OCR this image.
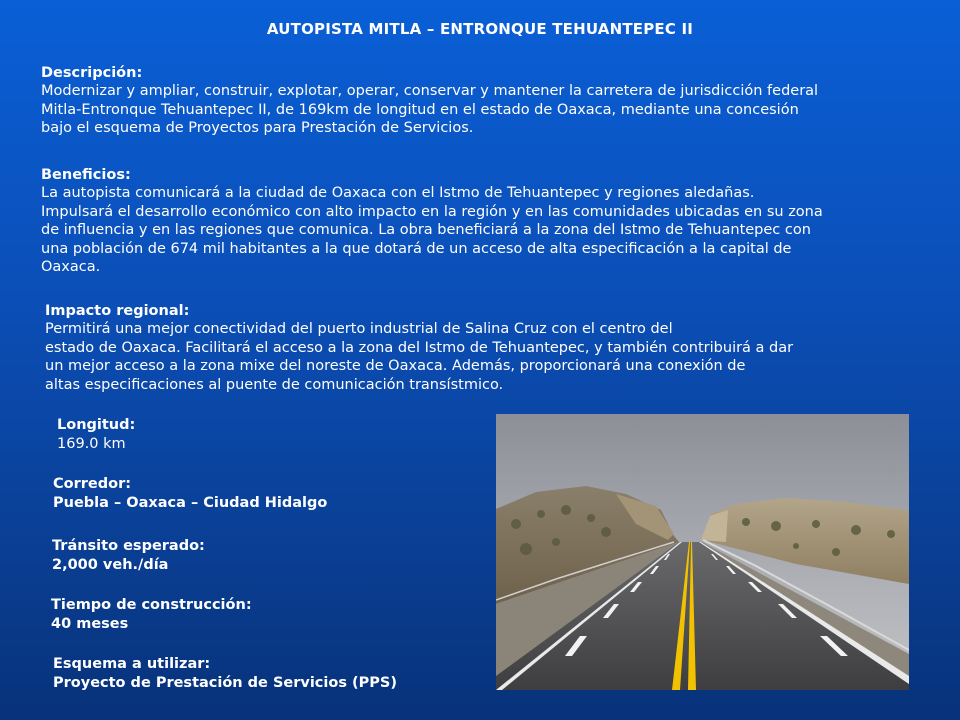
AUTOPISTA MITLA – ENTRONQUE TEHUANTEPEC II
Descripción:
Modernizar y ampliar, construir, explotar, operar, conservar y mantener la carretera de jurisdicción federal
Mitla-Entronque Tehuantepec II, de 169km de longitud en el estado de Oaxaca, mediante una concesión
bajo el esquema de Proyectos para Prestación de Servicios.
Beneficios:
La autopista comunicará a la ciudad de Oaxaca con el Istmo de Tehuantepec y regiones aledañas.
Impulsará el desarrollo económico con alto impacto en la región y en las comunidades ubicadas en su zona
de influencia y en las regiones que comunica. La obra beneficiará a la zona del Istmo de Tehuantepec con
una población de 674 mil habitantes a la que dotará de un acceso de alta especificación a la capital de
Oaxaca.
Impacto regional:
Permitirá una mejor conectividad del puerto industrial de Salina Cruz con el centro del
estado de Oaxaca. Facilitará el acceso a la zona del Istmo de Tehuantepec, y también contribuirá a dar
un mejor acceso a la zona mixe del noreste de Oaxaca. Además, proporcionará una conexión de
altas especificaciones al puente de comunicación transístmico.
Longitud:
169.0 km
Corredor:
Puebla – Oaxaca – Ciudad Hidalgo
Tránsito esperado:
2,000 veh./día
Tiempo de construcción:
40 meses
Esquema a utilizar:
Proyecto de Prestación de Servicios (PPS)
